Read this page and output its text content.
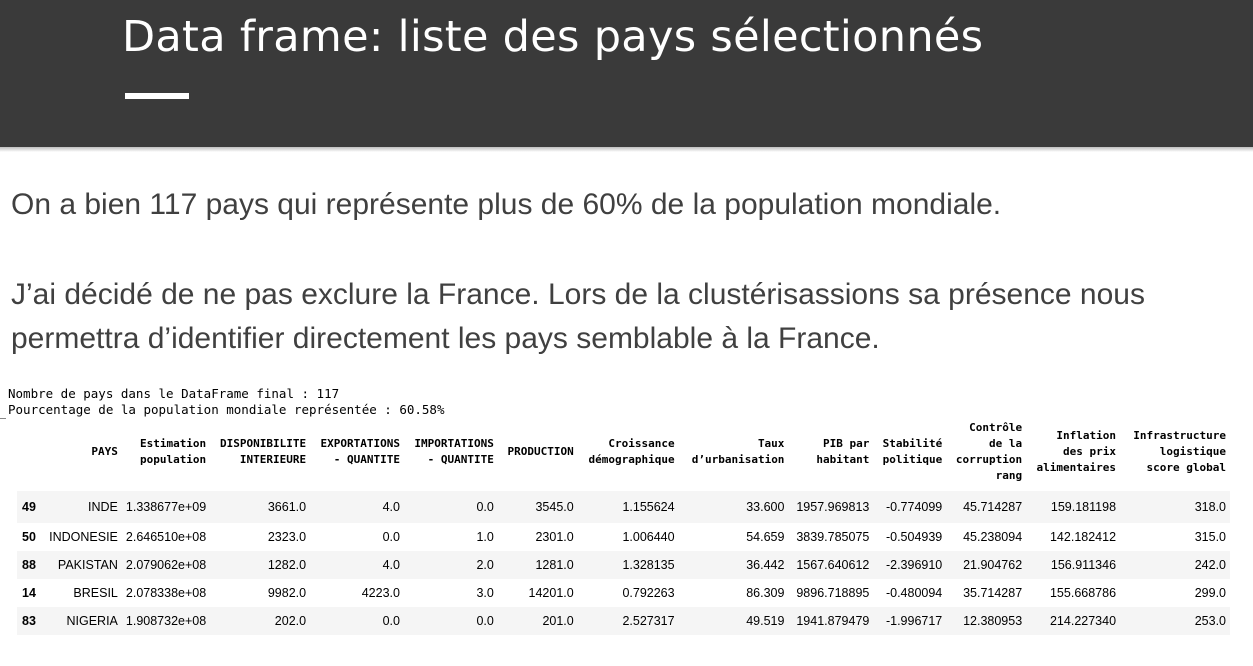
Data frame: liste des pays sélectionnés

On a bien 117 pays qui représente plus de 60% de la population mondiale.

J’ai décidé de ne pas exclure la France. Lors de la clustérisassions sa présence nous permettra d’identifier directement les pays semblable à la France.

Nombre de pays dans le DataFrame final : 117
Pourcentage de la population mondiale représentée : 60.58%
	PAYS	Estimation population	DISPONIBILITE INTERIEURE	EXPORTATIONS - QUANTITE	IMPORTATIONS - QUANTITE	PRODUCTION	Croissance démographique	Taux d’urbanisation	PIB par habitant	Stabilité politique	Contrôle de la corruption rang	Inflation des prix alimentaires	Infrastructure logistique score global
49	INDE	1.338677e+09	3661.0	4.0	0.0	3545.0	1.155624	33.600	1957.969813	-0.774099	45.714287	159.181198	318.0
50	INDONESIE	2.646510e+08	2323.0	0.0	1.0	2301.0	1.006440	54.659	3839.785075	-0.504939	45.238094	142.182412	315.0
88	PAKISTAN	2.079062e+08	1282.0	4.0	2.0	1281.0	1.328135	36.442	1567.640612	-2.396910	21.904762	156.911346	242.0
14	BRESIL	2.078338e+08	9982.0	4223.0	3.0	14201.0	0.792263	86.309	9896.718895	-0.480094	35.714287	155.668786	299.0
83	NIGERIA	1.908732e+08	202.0	0.0	0.0	201.0	2.527317	49.519	1941.879479	-1.996717	12.380953	214.227340	253.0
